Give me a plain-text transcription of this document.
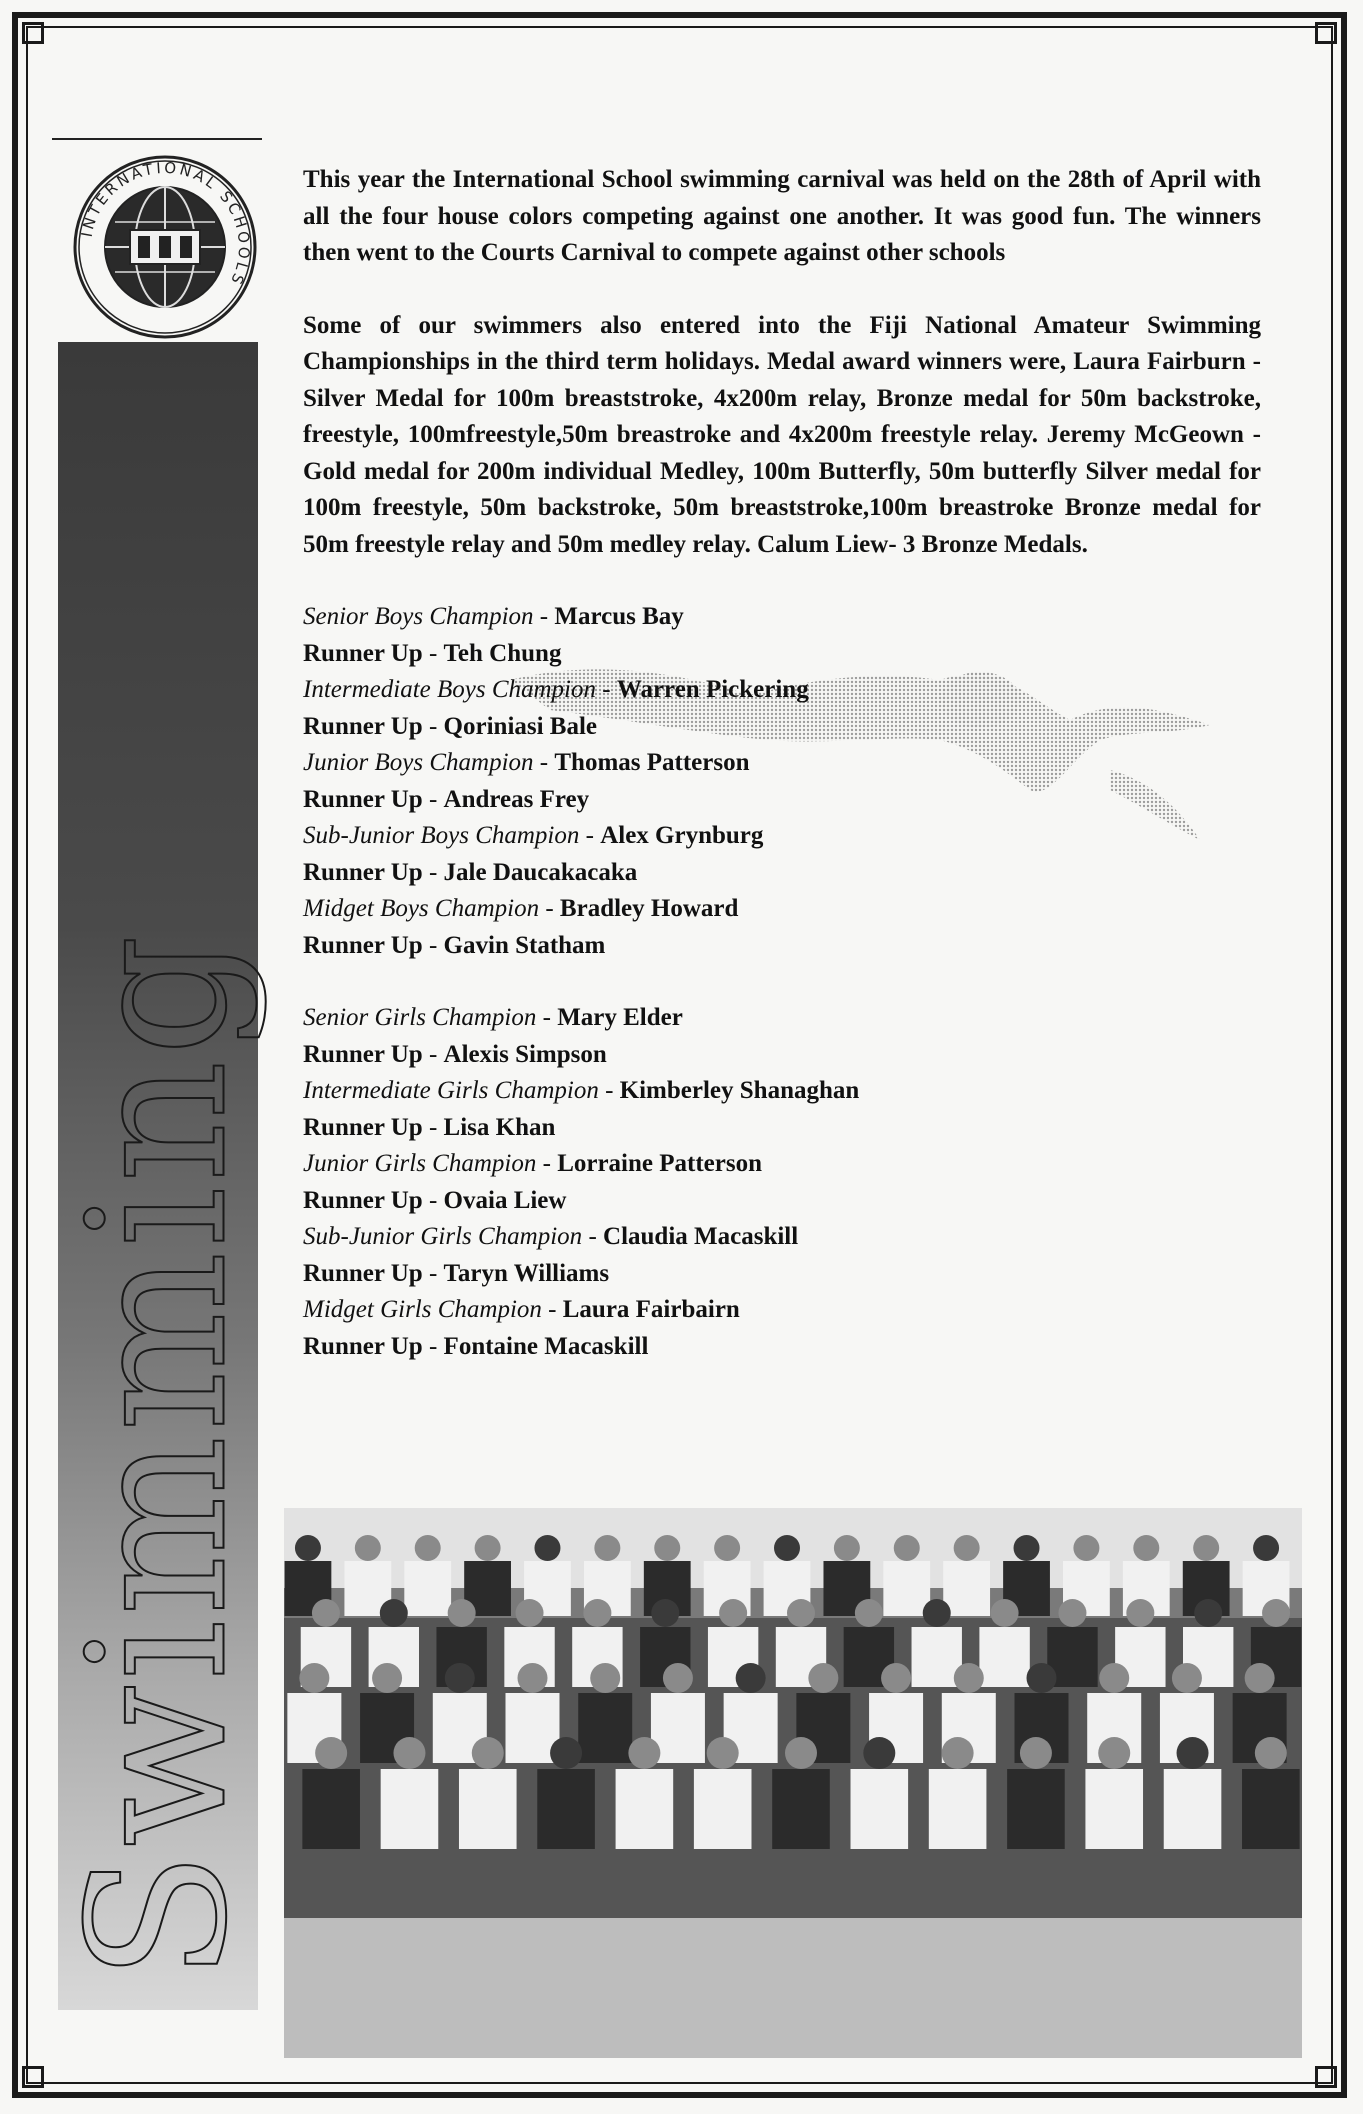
INTERNATIONAL SCHOOLS
Swimming

This year the International School swimming carnival was held on the 28th of April with all the four house colors competing against one another. It was good fun. The winners then went to the Courts Carnival to compete against other schools

Some of our swimmers also entered into the Fiji National Amateur Swimming Championships in the third term holidays. Medal award winners were, Laura Fairburn - Silver Medal for 100m breaststroke, 4x200m relay, Bronze medal for 50m backstroke, freestyle, 100mfreestyle,50m breastroke and 4x200m freestyle relay. Jeremy McGeown -Gold medal for 200m individual Medley, 100m Butterfly, 50m butterfly Silver medal for 100m freestyle, 50m backstroke, 50m breaststroke,100m breastroke Bronze medal for 50m freestyle relay and 50m medley relay. Calum Liew- 3 Bronze Medals.

Senior Boys Champion - Marcus Bay
Runner Up - Teh Chung
Intermediate Boys Champion - Warren Pickering
Runner Up - Qoriniasi Bale
Junior Boys Champion - Thomas Patterson
Runner Up - Andreas Frey
Sub-Junior Boys Champion - Alex Grynburg
Runner Up - Jale Daucakacaka
Midget Boys Champion - Bradley Howard
Runner Up - Gavin Statham
Senior Girls Champion - Mary Elder
Runner Up - Alexis Simpson
Intermediate Girls Champion - Kimberley Shanaghan
Runner Up - Lisa Khan
Junior Girls Champion - Lorraine Patterson
Runner Up - Ovaia Liew
Sub-Junior Girls Champion - Claudia Macaskill
Runner Up - Taryn Williams
Midget Girls Champion - Laura Fairbairn
Runner Up - Fontaine Macaskill
